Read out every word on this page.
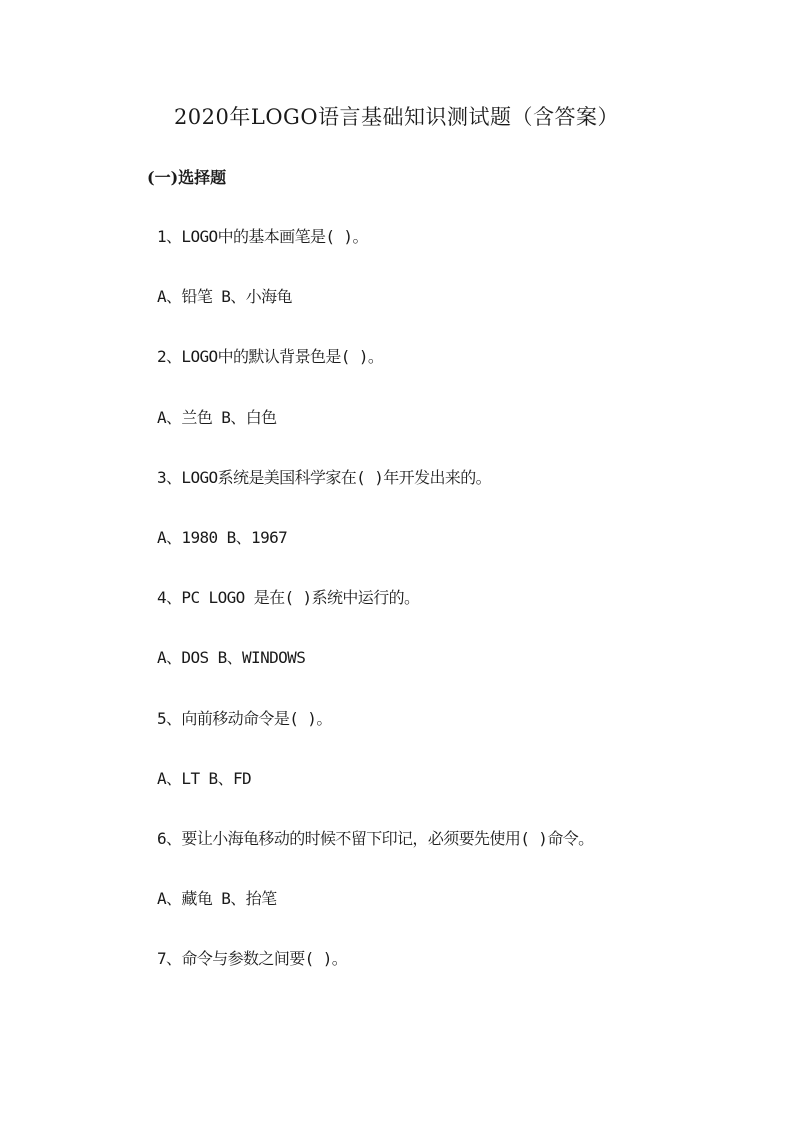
2020年LOGO语言基础知识测试题（含答案）
(一)选择题
1、LOGO中的基本画笔是( )。
A、铅笔 B、小海龟
2、LOGO中的默认背景色是( )。
A、兰色 B、白色
3、LOGO系统是美国科学家在( )年开发出来的。
A、1980 B、1967
4、PC LOGO 是在( )系统中运行的。
A、DOS B、WINDOWS
5、向前移动命令是( )。
A、LT B、FD
6、要让小海龟移动的时候不留下印记，必须要先使用( )命令。
A、藏龟 B、抬笔
7、命令与参数之间要( )。
